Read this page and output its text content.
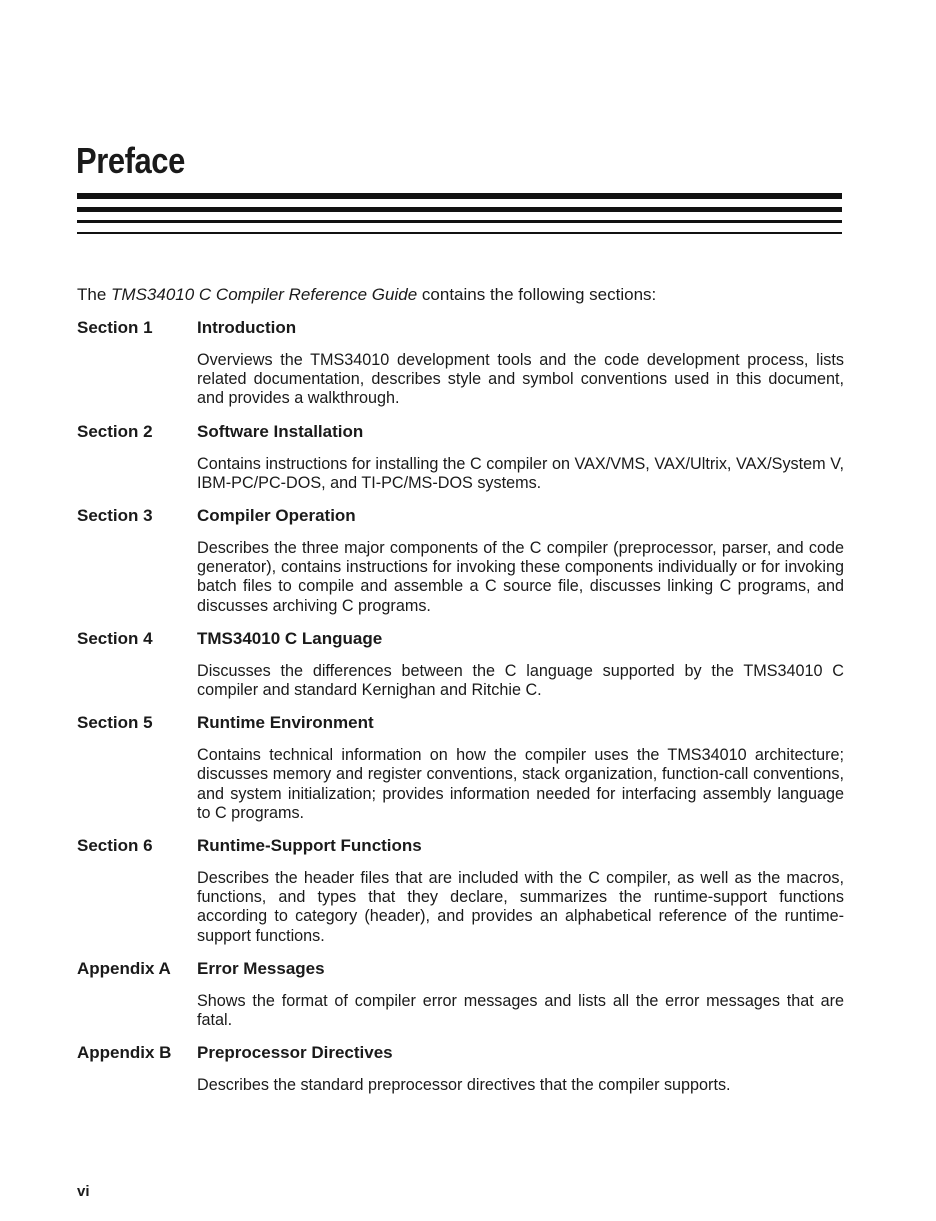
Preface

The TMS34010 C Compiler Reference Guide contains the following sections:

Section 1	Introduction

Overviews the TMS34010 development tools and the code development process, lists related documentation, describes style and symbol conventions used in this document, and provides a walkthrough.

Section 2	Software Installation

Contains instructions for installing the C compiler on VAX/VMS, VAX/Ultrix, VAX/System V, IBM-PC/PC-DOS, and TI-PC/MS-DOS systems.

Section 3	Compiler Operation

Describes the three major components of the C compiler (preprocessor, parser, and code generator), contains instructions for invoking these components individually or for invoking batch files to compile and assemble a C source file, discusses linking C programs, and discusses archiving C programs.

Section 4	TMS34010 C Language

Discusses the differences between the C language supported by the TMS34010 C compiler and standard Kernighan and Ritchie C.

Section 5	Runtime Environment

Contains technical information on how the compiler uses the TMS34010 architecture; discusses memory and register conventions, stack organization, function-call conventions, and system initialization; provides information needed for interfacing assembly language to C programs.

Section 6	Runtime-Support Functions

Describes the header files that are included with the C compiler, as well as the macros, functions, and types that they declare, summarizes the runtime-support functions according to category (header), and provides an alphabetical reference of the runtime-support functions.

Appendix A	Error Messages

Shows the format of compiler error messages and lists all the error messages that are fatal.

Appendix B	Preprocessor Directives

Describes the standard preprocessor directives that the compiler supports.

vi
